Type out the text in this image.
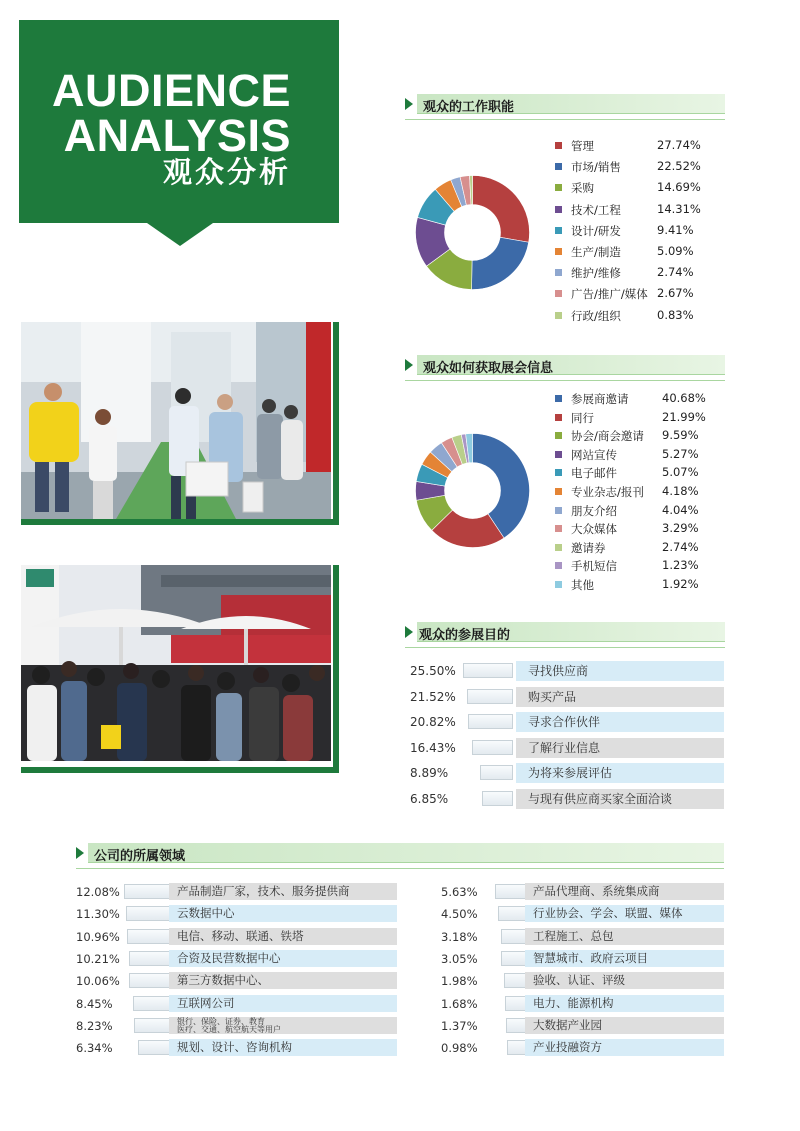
AUDIENCE
ANALYSIS
观众分析
观众的工作职能
管理	27.74%
市场/销售	22.52%
采购	14.69%
技术/工程	14.31%
设计/研发	9.41%
生产/制造	5.09%
维护/维修	2.74%
广告/推广/媒体 2.67%
行政/组织	0.83%
观众如何获取展会信息
参展商邀请	40.68%
同行	21.99%
协会/商会邀请 9.59%
网站宣传	5.27%
电子邮件	5.07%
专业杂志/报刊 4.18%
朋友介绍	4.04%
大众媒体	3.29%
邀请券	2.74%
手机短信	1.23%
其他	1.92%
观众的参展目的
25.50%	寻找供应商
21.52%	购买产品
20.82%	寻求合作伙伴
16.43%	了解行业信息
8.89%	为将来参展评估
6.85%	与现有供应商买家全面洽谈
公司的所属领域
12.08%	产品制造厂家，技术、服务提供商
11.30%	云数据中心
10.96%	电信、移动、联通、铁塔
10.21%	合资及民营数据中心
10.06%	第三方数据中心、
8.45%	互联网公司
8.23%	银行、保险、证券、教育
医疗、交通、航空航天等用户
6.34%	规划、设计、咨询机构
5.63%	产品代理商、系统集成商
4.50%	行业协会、学会、联盟、媒体
3.18%	工程施工、总包
3.05%	智慧城市、政府云项目
1.98%	验收、认证、评级
1.68%	电力、能源机构
1.37%	大数据产业园
0.98%	产业投融资方
